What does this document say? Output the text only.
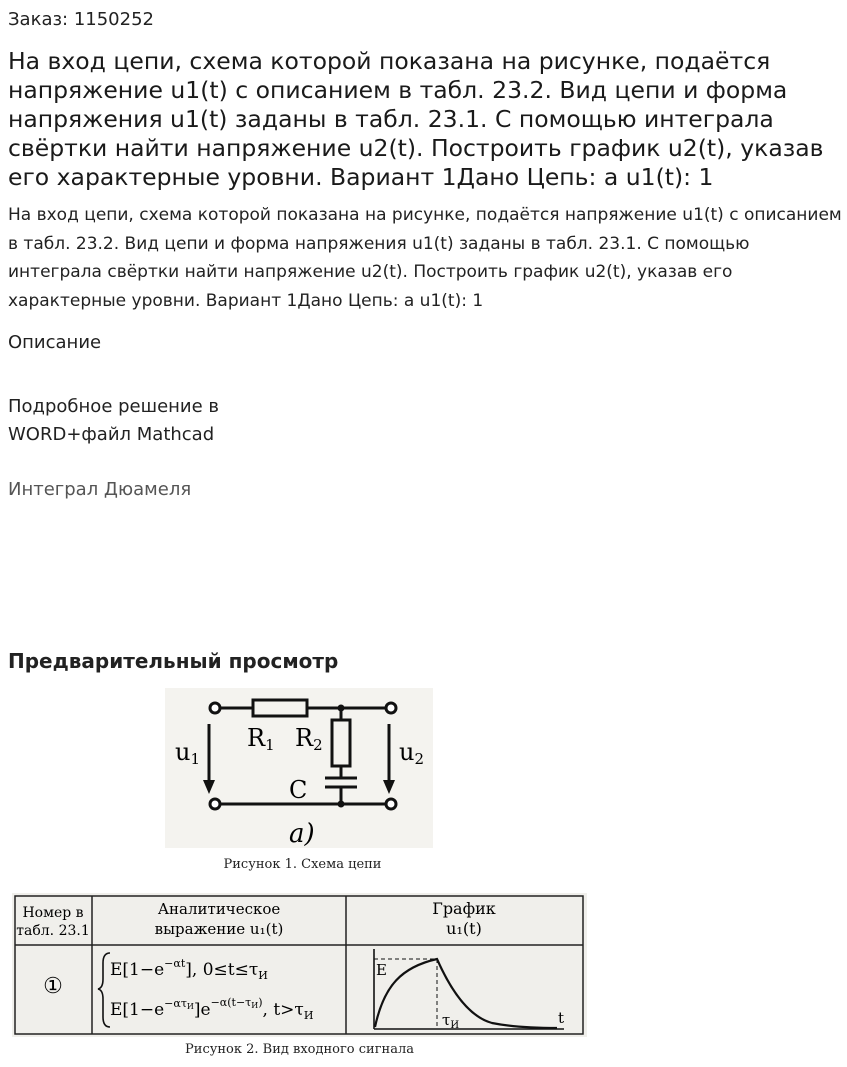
Заказ: 1150252
На вход цепи, схема которой показана на рисунке, подаётся напряжение u1(t) с описанием в табл. 23.2. Вид цепи и форма напряжения u1(t) заданы в табл. 23.1. С помощью интеграла свёртки найти напряжение u2(t). Построить график u2(t), указав его характерные уровни. Вариант 1Дано Цепь: а u1(t): 1
На вход цепи, схема которой показана на рисунке, подаётся напряжение u1(t) с описанием в табл. 23.2. Вид цепи и форма напряжения u1(t) заданы в табл. 23.1. С помощью интеграла свёртки найти напряжение u2(t). Построить график u2(t), указав его характерные уровни. Вариант 1Дано Цепь: а u1(t): 1
Описание
Подробное решение в
WORD+файл Mathcad
Интеграл Дюамеля
Предварительный просмотр
u1	u2
R1 R2
C
a)
Рисунок 1. Схема цепи
Номер в
табл. 23.1
Аналитическое
выражение u₁(t)
График
u₁(t)
①
$E[1-e^{-\alpha t}]$, $0\le t\le\tau_И$
$E[1-e^{-\alpha\tau}И]e^{-\alpha(t-\tau}И$), $t>\tau_И$
E
$\tau_И$	t
Рисунок 2. Вид входного сигнала
